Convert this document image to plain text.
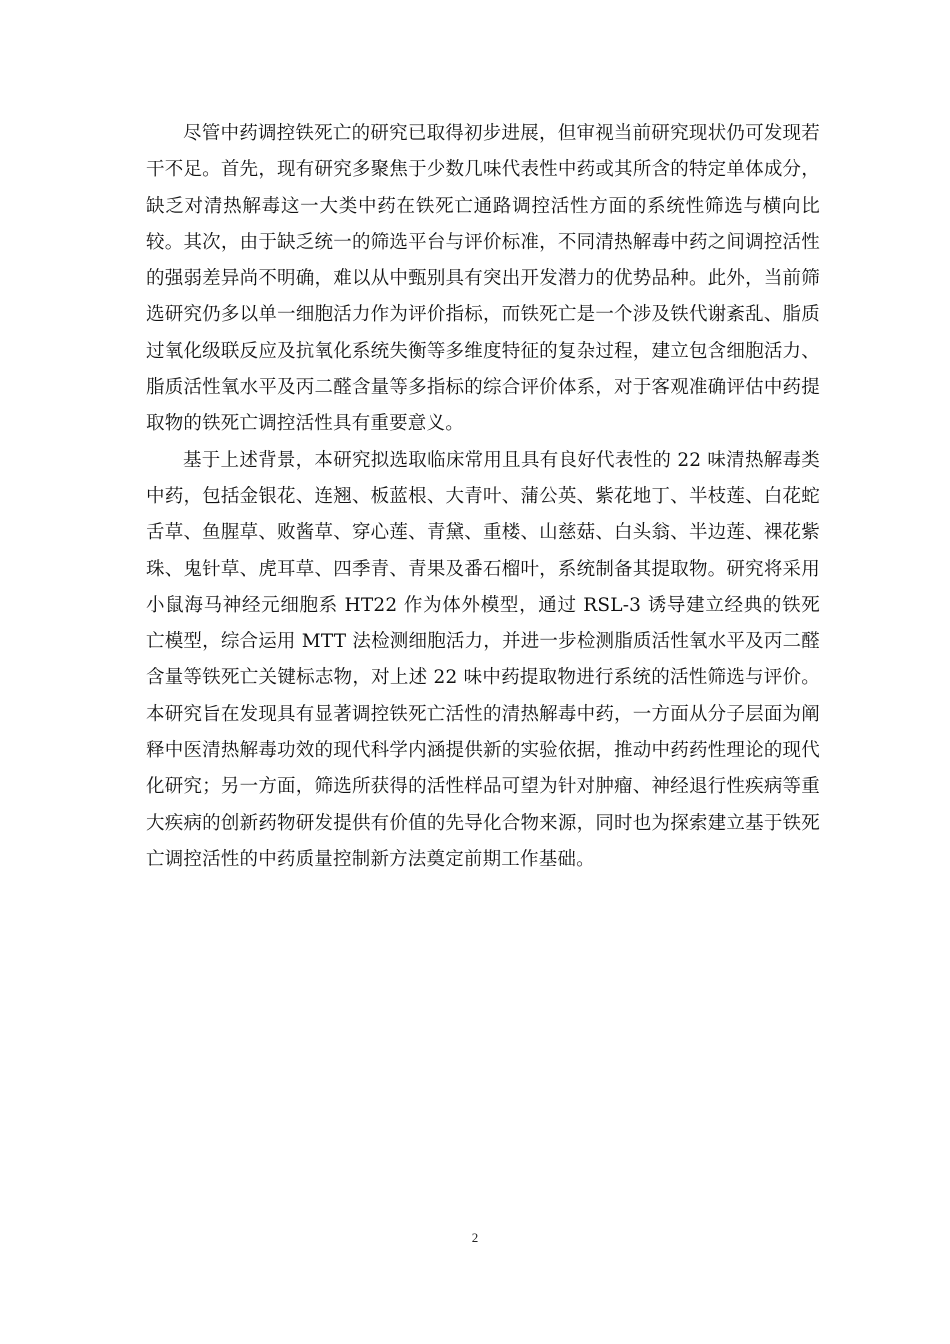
尽管中药调控铁死亡的研究已取得初步进展，但审视当前研究现状仍可发现若干不足。首先，现有研究多聚焦于少数几味代表性中药或其所含的特定单体成分，缺乏对清热解毒这一大类中药在铁死亡通路调控活性方面的系统性筛选与横向比较。其次，由于缺乏统一的筛选平台与评价标准，不同清热解毒中药之间调控活性的强弱差异尚不明确，难以从中甄别具有突出开发潜力的优势品种。此外，当前筛选研究仍多以单一细胞活力作为评价指标，而铁死亡是一个涉及铁代谢紊乱、脂质过氧化级联反应及抗氧化系统失衡等多维度特征的复杂过程，建立包含细胞活力、脂质活性氧水平及丙二醛含量等多指标的综合评价体系，对于客观准确评估中药提取物的铁死亡调控活性具有重要意义。

基于上述背景，本研究拟选取临床常用且具有良好代表性的 22 味清热解毒类中药，包括金银花、连翘、板蓝根、大青叶、蒲公英、紫花地丁、半枝莲、白花蛇舌草、鱼腥草、败酱草、穿心莲、青黛、重楼、山慈菇、白头翁、半边莲、裸花紫珠、鬼针草、虎耳草、四季青、青果及番石榴叶，系统制备其提取物。研究将采用小鼠海马神经元细胞系 HT22 作为体外模型，通过 RSL-3 诱导建立经典的铁死亡模型，综合运用 MTT 法检测细胞活力，并进一步检测脂质活性氧水平及丙二醛含量等铁死亡关键标志物，对上述 22 味中药提取物进行系统的活性筛选与评价。本研究旨在发现具有显著调控铁死亡活性的清热解毒中药，一方面从分子层面为阐释中医清热解毒功效的现代科学内涵提供新的实验依据，推动中药药性理论的现代化研究；另一方面，筛选所获得的活性样品可望为针对肿瘤、神经退行性疾病等重大疾病的创新药物研发提供有价值的先导化合物来源，同时也为探索建立基于铁死亡调控活性的中药质量控制新方法奠定前期工作基础。

2
